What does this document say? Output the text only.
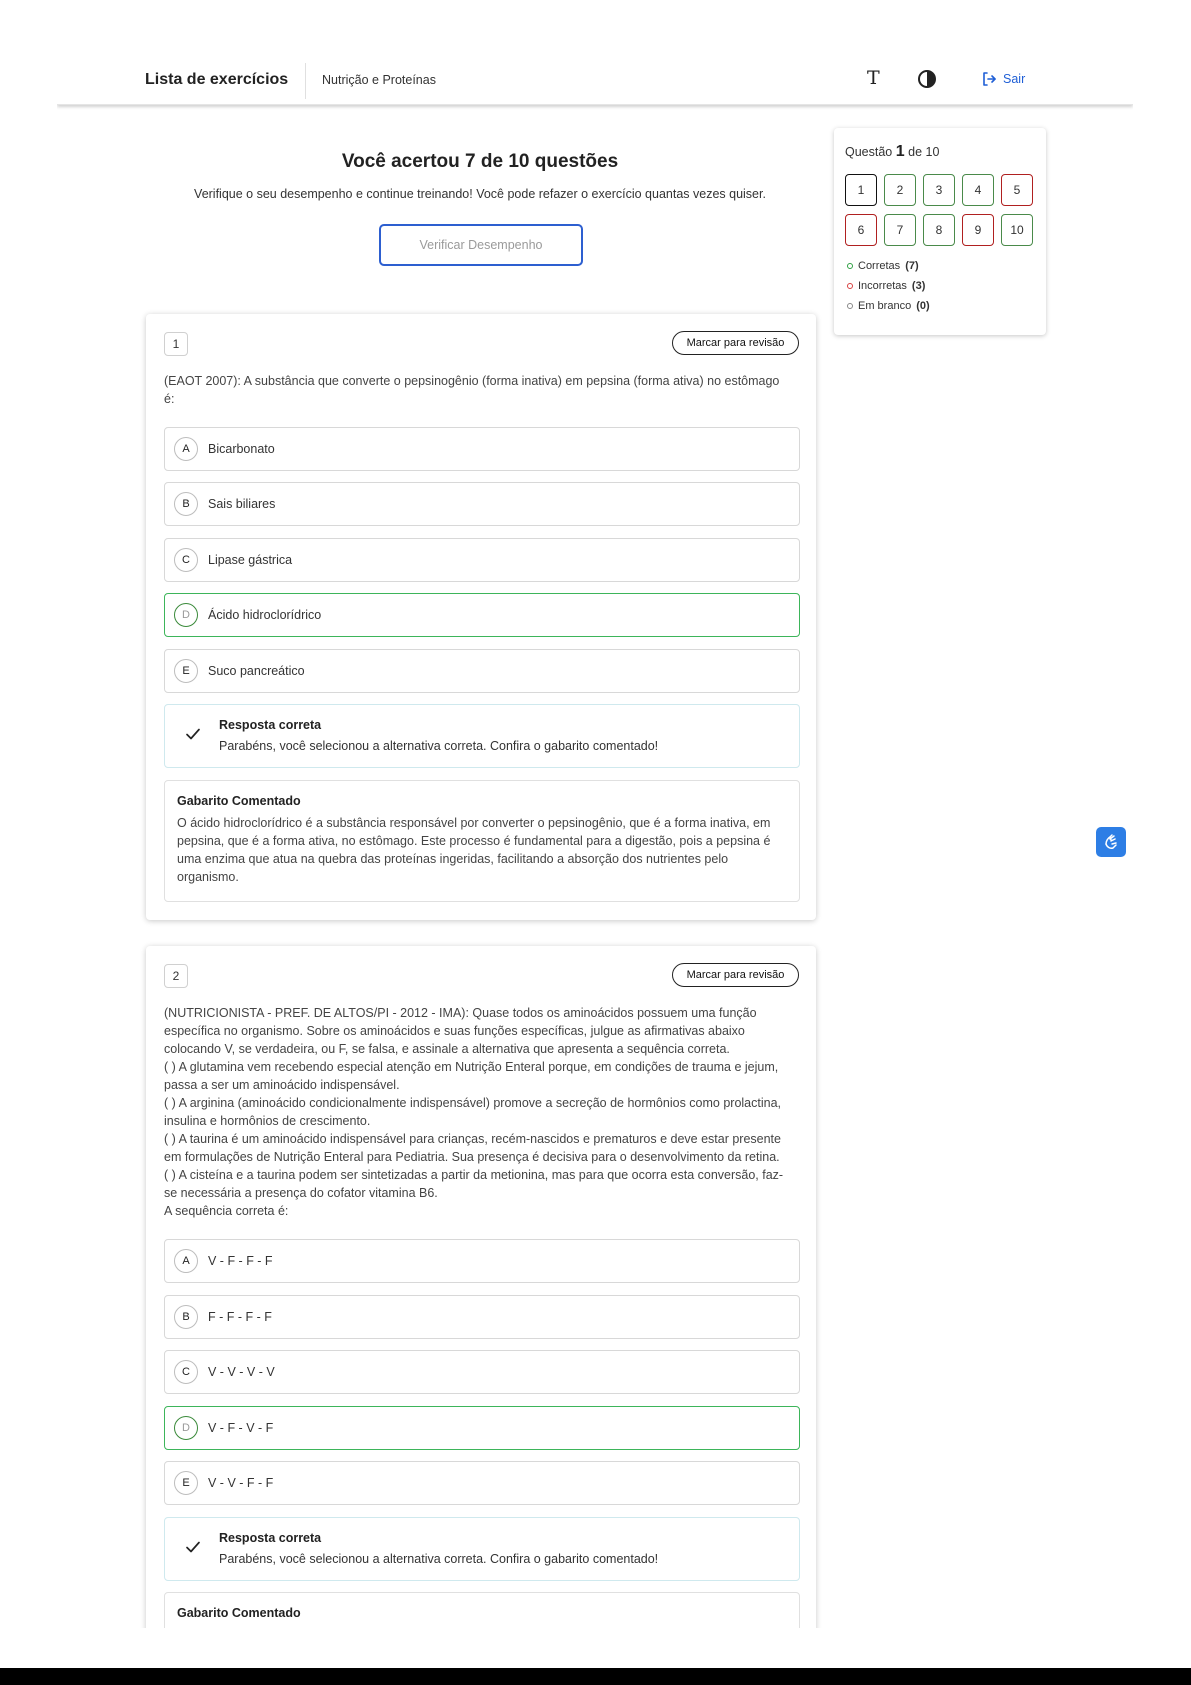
Lista de exercícios	Nutrição e Proteínas	T	Sair
Você acertou 7 de 10 questões

Verifique o seu desempenho e continue treinando! Você pode refazer o exercício quantas vezes quiser.

Verificar Desempenho
Questão 1 de 10
1	2	3	4	5
6	7	8	9	10
Corretas (7)
Incorretas (3)
Em branco (0)
1	Marcar para revisão
(EAOT 2007): A substância que converte o pepsinogênio (forma inativa) em pepsina (forma ativa) no estômago
é:
A	Bicarbonato
B	Sais biliares
C	Lipase gástrica
D	Ácido hidroclorídrico
E	Suco pancreático
Resposta correta
Parabéns, você selecionou a alternativa correta. Confira o gabarito comentado!
Gabarito Comentado
O ácido hidroclorídrico é a substância responsável por converter o pepsinogênio, que é a forma inativa, em
pepsina, que é a forma ativa, no estômago. Este processo é fundamental para a digestão, pois a pepsina é
uma enzima que atua na quebra das proteínas ingeridas, facilitando a absorção dos nutrientes pelo
organismo.
2	Marcar para revisão
(NUTRICIONISTA - PREF. DE ALTOS/PI - 2012 - IMA): Quase todos os aminoácidos possuem uma função
específica no organismo. Sobre os aminoácidos e suas funções específicas, julgue as afirmativas abaixo
colocando V, se verdadeira, ou F, se falsa, e assinale a alternativa que apresenta a sequência correta.
( ) A glutamina vem recebendo especial atenção em Nutrição Enteral porque, em condições de trauma e jejum,
passa a ser um aminoácido indispensável.
( ) A arginina (aminoácido condicionalmente indispensável) promove a secreção de hormônios como prolactina,
insulina e hormônios de crescimento.
( ) A taurina é um aminoácido indispensável para crianças, recém-nascidos e prematuros e deve estar presente
em formulações de Nutrição Enteral para Pediatria. Sua presença é decisiva para o desenvolvimento da retina.
( ) A cisteína e a taurina podem ser sintetizadas a partir da metionina, mas para que ocorra esta conversão, faz-
se necessária a presença do cofator vitamina B6.
A sequência correta é:
A	V - F - F - F
B	F - F - F - F
C	V - V - V - V
D	V - F - V - F
E	V - V - F - F
Resposta correta
Parabéns, você selecionou a alternativa correta. Confira o gabarito comentado!
Gabarito Comentado
